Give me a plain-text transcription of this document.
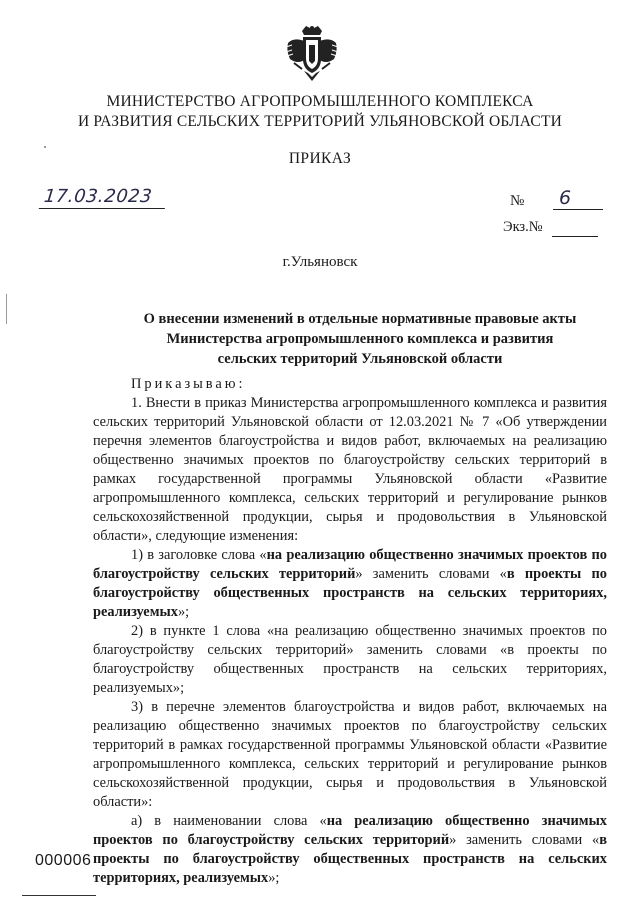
МИНИСТЕРСТВО АГРОПРОМЫШЛЕННОГО КОМПЛЕКСА
И РАЗВИТИЯ СЕЛЬСКИХ ТЕРРИТОРИЙ УЛЬЯНОВСКОЙ ОБЛАСТИ
ПРИКАЗ
17.03.2023	№	6
Экз.№
г.Ульяновск
О внесении изменений в отдельные нормативные правовые акты
Министерства агропромышленного комплекса и развития
сельских территорий Ульяновской области

Приказываю:

1. Внести в приказ Министерства агропромышленного комплекса и развития сельских территорий Ульяновской области от 12.03.2021 № 7 «Об утверждении перечня элементов благоустройства и видов работ, включаемых на реализацию общественно значимых проектов по благоустройству сельских территорий в рамках государственной программы Ульяновской области «Развитие агропромышленного комплекса, сельских территорий и регулирование рынков сельскохозяйственной продукции, сырья и продовольствия в Ульяновской области», следующие изменения:

1) в заголовке слова «на реализацию общественно значимых проектов по благоустройству сельских территорий» заменить словами «в проекты по благоустройству общественных пространств на сельских территориях, реализуемых»;

2) в пункте 1 слова «на реализацию общественно значимых проектов по благоустройству сельских территорий» заменить словами «в проекты по благоустройству общественных пространств на сельских территориях, реализуемых»;

3) в перечне элементов благоустройства и видов работ, включаемых на реализацию общественно значимых проектов по благоустройству сельских территорий в рамках государственной программы Ульяновской области «Развитие агропромышленного комплекса, сельских территорий и регулирование рынков сельскохозяйственной продукции, сырья и продовольствия в Ульяновской области»:

а) в наименовании слова «на реализацию общественно значимых проектов по благоустройству сельских территорий» заменить словами «в проекты по благоустройству общественных пространств на сельских территориях, реализуемых»;

000006
